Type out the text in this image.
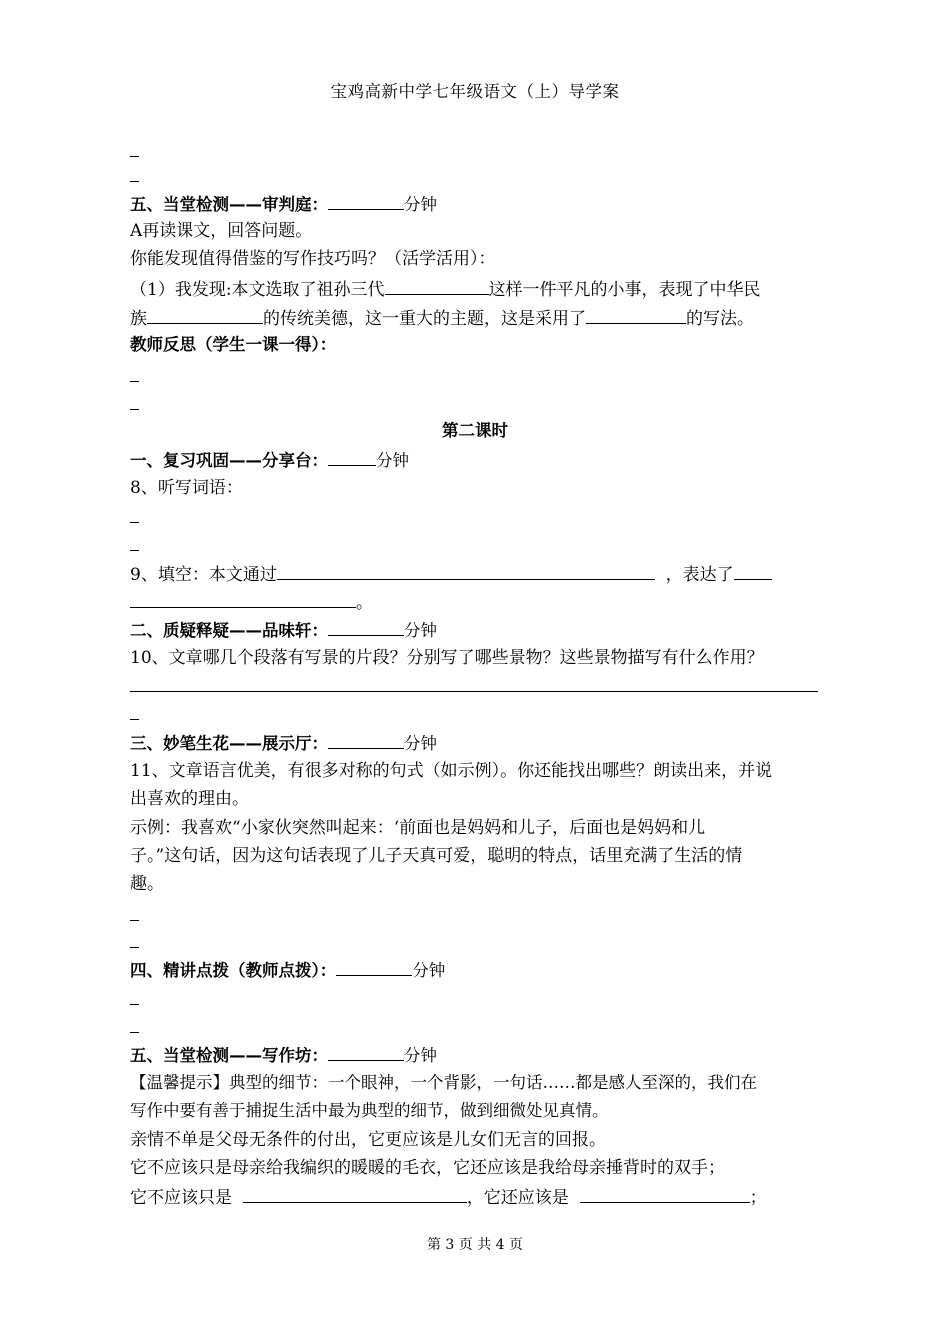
宝鸡高新中学七年级语文（上）导学案
五、当堂检测——审判庭：	分钟
A再读课文，回答问题。
你能发现值得借鉴的写作技巧吗？（活学活用）：
（1）我发现:本文选取了祖孙三代	这样一件平凡的小事，表现了中华民
族	的传统美德，这一重大的主题，这是采用了	的写法。
教师反思（学生一课一得）：
第二课时
一、复习巩固——分享台：	分钟
8、听写词语：
9、填空：本文通过	，表达了
。
二、质疑释疑——品味轩：	分钟
10、文章哪几个段落有写景的片段？分别写了哪些景物？这些景物描写有什么作用？
三、妙笔生花——展示厅：	分钟
11、文章语言优美，有很多对称的句式（如示例）。你还能找出哪些？朗读出来，并说
出喜欢的理由。
示例：我喜欢“小家伙突然叫起来：‘前面也是妈妈和儿子，后面也是妈妈和儿
子。”这句话，因为这句话表现了儿子天真可爱，聪明的特点，话里充满了生活的情
趣。
四、精讲点拨（教师点拨）：	分钟
五、当堂检测——写作坊：	分钟
【温馨提示】典型的细节：一个眼神，一个背影，一句话……都是感人至深的，我们在
写作中要有善于捕捉生活中最为典型的细节，做到细微处见真情。
亲情不单是父母无条件的付出，它更应该是儿女们无言的回报。
它不应该只是母亲给我编织的暖暖的毛衣，它还应该是我给母亲捶背时的双手；
它不应该只是	，它还应该是	；
第 3 页 共 4 页
